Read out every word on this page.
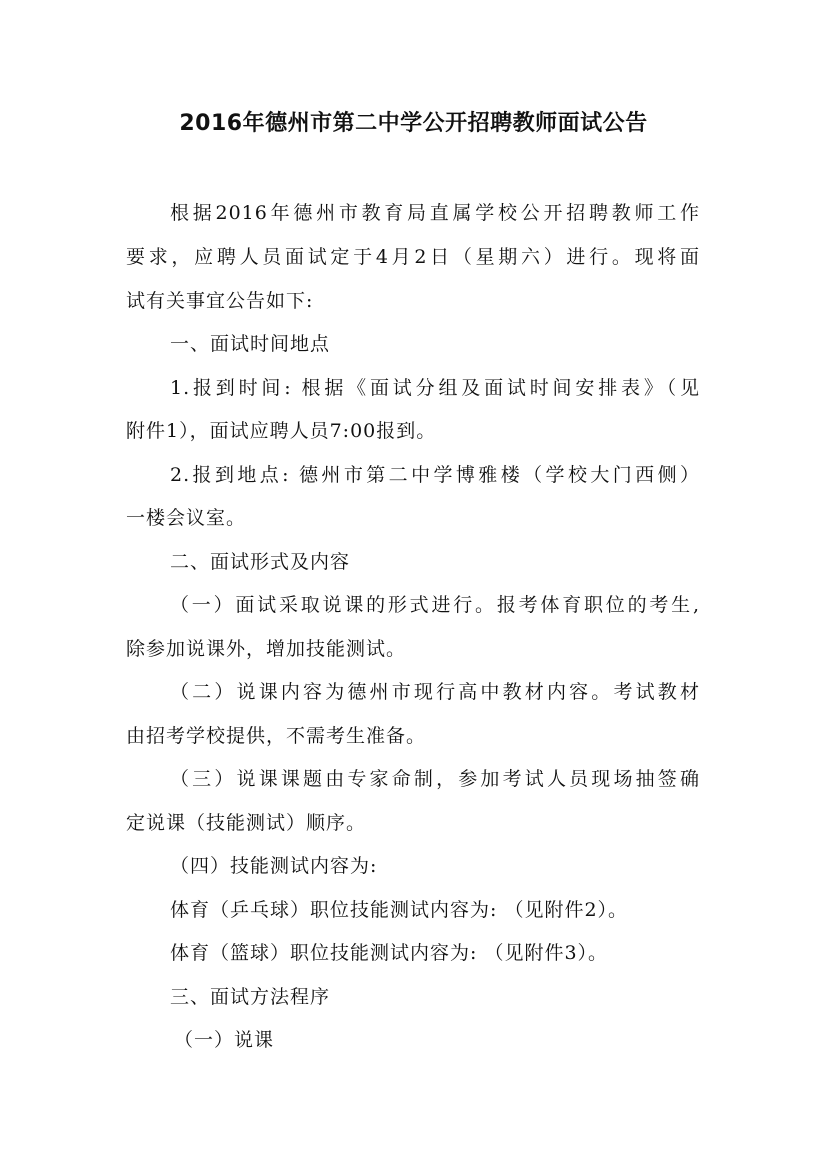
2016年德州市第二中学公开招聘教师面试公告
根据2016年德州市教育局直属学校公开招聘教师工作
要求，应聘人员面试定于4月2日（星期六）进行。现将面
试有关事宜公告如下:
一、面试时间地点
1.报到时间: 根据《面试分组及面试时间安排表》（见
附件1），面试应聘人员7:00报到。
2.报到地点: 德州市第二中学博雅楼（学校大门西侧）
一楼会议室。
二、面试形式及内容
（一）面试采取说课的形式进行。报考体育职位的考生,
除参加说课外，增加技能测试。
（二）说课内容为德州市现行高中教材内容。考试教材
由招考学校提供，不需考生准备。
（三）说课课题由专家命制，参加考试人员现场抽签确
定说课（技能测试）顺序。
（四）技能测试内容为:
体育（乒乓球）职位技能测试内容为: （见附件2）。
体育（篮球）职位技能测试内容为: （见附件3）。
三、面试方法程序
（一）说课
